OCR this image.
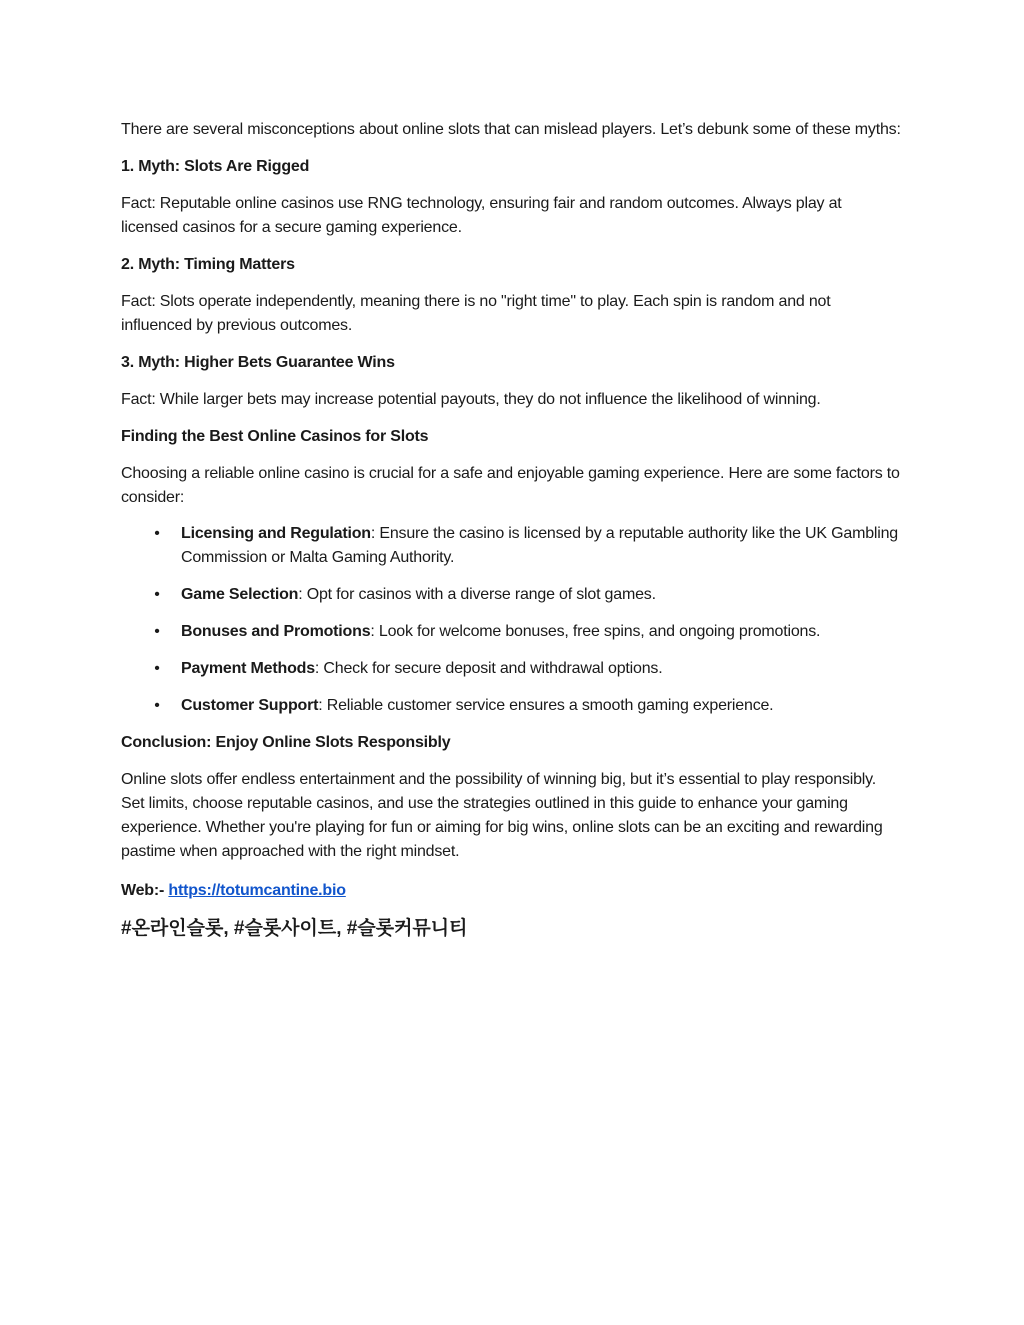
There are several misconceptions about online slots that can mislead players. Let’s debunk some of these myths:

1. Myth: Slots Are Rigged

Fact: Reputable online casinos use RNG technology, ensuring fair and random outcomes. Always play at licensed casinos for a secure gaming experience.

2. Myth: Timing Matters

Fact: Slots operate independently, meaning there is no "right time" to play. Each spin is random and not influenced by previous outcomes.

3. Myth: Higher Bets Guarantee Wins

Fact: While larger bets may increase potential payouts, they do not influence the likelihood of winning.

Finding the Best Online Casinos for Slots

Choosing a reliable online casino is crucial for a safe and enjoyable gaming experience. Here are some factors to consider:

•
Licensing and Regulation: Ensure the casino is licensed by a reputable authority like the UK Gambling Commission or Malta Gaming Authority.
•
Game Selection: Opt for casinos with a diverse range of slot games.
•
Bonuses and Promotions: Look for welcome bonuses, free spins, and ongoing promotions.
•
Payment Methods: Check for secure deposit and withdrawal options.
•
Customer Support: Reliable customer service ensures a smooth gaming experience.

Conclusion: Enjoy Online Slots Responsibly

Online slots offer endless entertainment and the possibility of winning big, but it’s essential to play responsibly. Set limits, choose reputable casinos, and use the strategies outlined in this guide to enhance your gaming experience. Whether you're playing for fun or aiming for big wins, online slots can be an exciting and rewarding pastime when approached with the right mindset.

Web:- https://totumcantine.bio

#온라인슬롯, #슬롯사이트, #슬롯커뮤니티
